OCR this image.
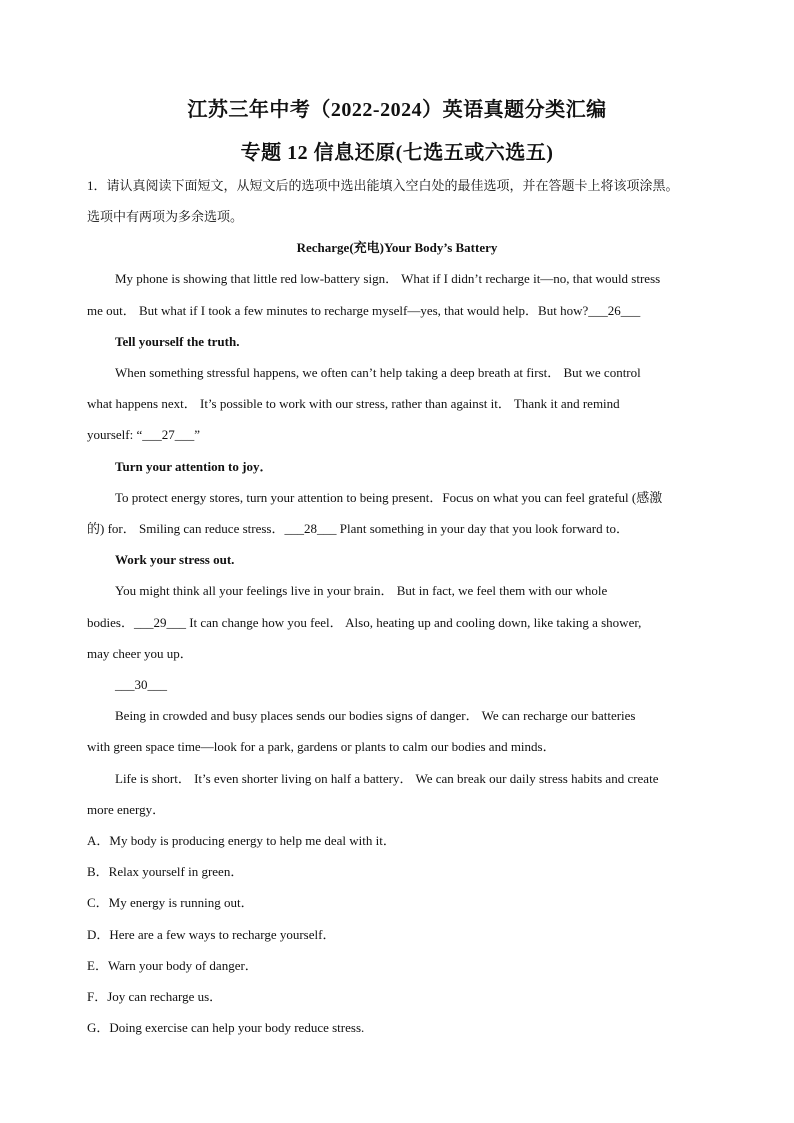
江苏三年中考（2022-2024）英语真题分类汇编
专题 12 信息还原(七选五或六选五)
1．请认真阅读下面短文，从短文后的选项中选出能填入空白处的最佳选项，并在答题卡上将该项涂黑。
选项中有两项为多余选项。
Recharge(充电)Your Body’s Battery
My phone is showing that little red low-battery sign． What if I didn’t recharge it—no, that would stress
me out． But what if I took a few minutes to recharge myself—yes, that would help．But how?___26___
Tell yourself the truth.
When something stressful happens, we often can’t help taking a deep breath at first． But we control
what happens next． It’s possible to work with our stress, rather than against it． Thank it and remind
yourself: “___27___”
Turn your attention to joy．
To protect energy stores, turn your attention to being present．Focus on what you can feel grateful (感激
的) for． Smiling can reduce stress．___28___ Plant something in your day that you look forward to．
Work your stress out.
You might think all your feelings live in your brain． But in fact, we feel them with our whole
bodies．___29___ It can change how you feel． Also, heating up and cooling down, like taking a shower,
may cheer you up．
___30___
Being in crowded and busy places sends our bodies signs of danger． We can recharge our batteries
with green space time—look for a park, gardens or plants to calm our bodies and minds．
Life is short． It’s even shorter living on half a battery． We can break our daily stress habits and create
more energy．
A．My body is producing energy to help me deal with it．
B．Relax yourself in green．
C．My energy is running out．
D．Here are a few ways to recharge yourself．
E．Warn your body of danger．
F．Joy can recharge us．
G．Doing exercise can help your body reduce stress.
